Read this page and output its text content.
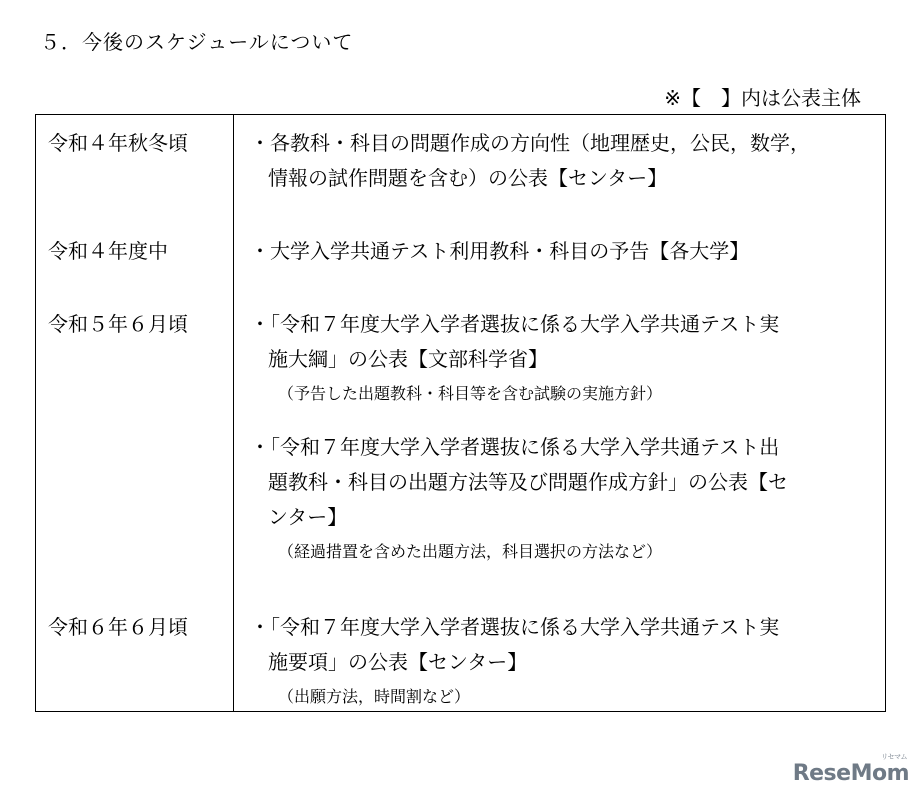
５．今後のスケジュールについて
※【　】内は公表主体
令和４年秋冬頃	・各教科・科目の問題作成の方向性（地理歴史，公民，数学，
情報の試作問題を含む）の公表【センター】
令和４年度中	・大学入学共通テスト利用教科・科目の予告【各大学】
令和５年６月頃	・「令和７年度大学入学者選抜に係る大学入学共通テスト実
施大綱」の公表【文部科学省】
（予告した出題教科・科目等を含む試験の実施方針）
・「令和７年度大学入学者選抜に係る大学入学共通テスト出
題教科・科目の出題方法等及び問題作成方針」の公表【セ
ンター】
（経過措置を含めた出題方法，科目選択の方法など）
令和６年６月頃	・「令和７年度大学入学者選抜に係る大学入学共通テスト実
施要項」の公表【センター】
（出願方法，時間割など）
リセマム
ReseMom
